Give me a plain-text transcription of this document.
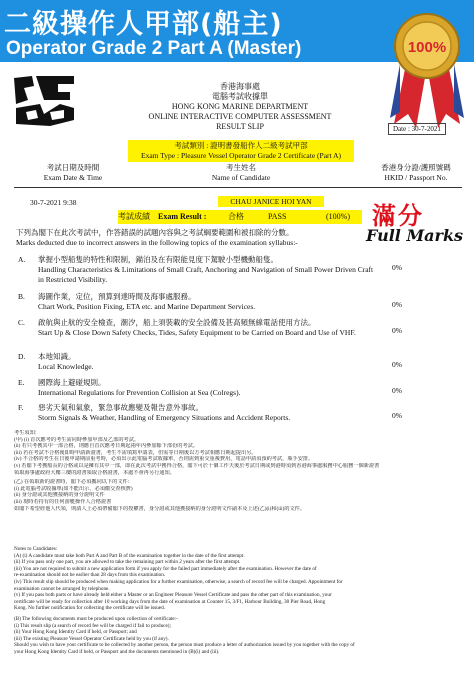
二級操作人甲部(船主)
Operator Grade 2 Part A (Master)	100%
香港海事處
電腦考試收據單
HONG KONG MARINE DEPARTMENT
ONLINE INTERACTIVE COMPUTER ASSESSMENT
RESULT SLIP	Date : 30-7-2021
考試類別 : 證明書發船作人二級考試甲部
Exam Type : Pleasure Vessel Operator Grade 2 Certificate (Part A)
考試日期及時間
Exam Date & Time
考生姓名
Name of Candidate
香港身分證/護照號碼
HKID / Passport No.
30-7-2021 9:38	CHAU JANICE HOI YAN
考試成績 Exam Result :	合格	PASS	(100%) 滿分
Full Marks
下列為閣下在此次考試中，作答錯誤的試題內容與之考試綱要範圍和被扣除的分數。
Marks deducted due to incorrect answers in the following topics of the examination syllabus:-
A. 掌握小型船隻的特性和限制，錨泊及在有限能見度下駕駛小型機動船隻。
Handling Characteristics & Limitations of Small Craft, Anchoring and Navigation of Small Power Driven Craft in Restricted Visibility.
0%
B. 海圖作業，定位，預算到達時間及海事處服務。
Chart Work, Position Fixing, ETA etc. and Marine Department Services.	0%
C. 啟航與止航的安全檢查，潮汐，船上須裝載的安全設備及甚高頻無線電話使用方法。
Start Up & Close Down Safety Checks, Tides, Safety Equipment to be Carried on Board and Use of VHF.	0%
D. 本地知識。
Local Knowledge.	0%
E. 國際海上避碰規則。
International Regulations for Prevention Collision at Sea (Colregs).	0%
F. 惡劣天氣和氣象，緊急事故應變及報告意外事故。
Storm Signals & Weather, Handling of Emergency Situations and Accident Reports.	0%
考生須知:
(甲) (i) 首次應考的考生需同時參加甲部及乙部的考試。
(ii) 若只考獲其中一部合格，則應自首次應考日期起兩年內參加餘下部份的考試。
(iii) 若在考試不合格後即時申請新證書，考生不需填寫申請表，但需等日期後以方考試相應日期起提出另。
(iv) 不合格的考生在日後申請期前重考時，必須出示此電腦考試收據單，否則需到重交重複費用，電話申請須預約考試，瓶手安排。
(v) 若閣下考獲船長的合格或以是擁有其中一部，即在此次考試中獲得合格，閣下可於十個工作天後於考試日期或到港時須到香港海事處服務中心服務一個新證書
領取海事處政府大樓三樓的證書領取合格證書，本處不會再另行通知。
(乙) 在領取新的證書時，閣下必須攜同以下的文件:
(i) 此電腦考試收據單(如不能出示，必須繳交查核費)
(ii) 身分證或其他獲接納的身分證明文件
(iii) 現時若持有的任何游艇操作人合格證書
如閣下希望經他人代領，則請人上必須帶備閣下的授權書，身分證或其他獲接納的身分證明文件副本及上述(乙)(i)和(iii)的文件。
Notes to Candidates:
(A) (i) A candidate must take both Part A and Part B of the examination together in the date of the first attempt.
(ii) If you pass only one part, you are allowed to take the remaining part within 2 years after the first attempt.
(iii) You are not required to submit a new application form if you apply for the failed part immediately after the examination. However the date of
re-examination should not be earlier than 28 days from this examination.
(iv) This result slip should be produced when making application for a further examination, otherwise, a search of record fee will be charged. Appointment for
examination cannot be arranged by telephone.
(v) If you pass both parts or have already held either a Master or an Engineer Pleasure Vessel Certificate and pass the other part of this examination, your
certificate will be ready for collection after 10 working days from the date of examination at Counter 15, 3/F1, Harbour Building, 38 Pier Road, Hong
Kong. No further notification for collecting the certificate will be issued.
(B) The following documents must be produced upon collection of certificate:-
(i) This result slip (a search of record fee will be charged if fail to produce);
(ii) Your Hong Kong Identity Card if held, or Passport; and
(iii) The existing Pleasure Vessel Operator Certificate held by you (if any).
Should you wish to have your certificate to be collected by another person, the person must produce a letter of authorization issued by you together with the copy of
your Hong Kong Identity Card if held, or Passport and the documents mentioned in (B)(i) and (iii).
